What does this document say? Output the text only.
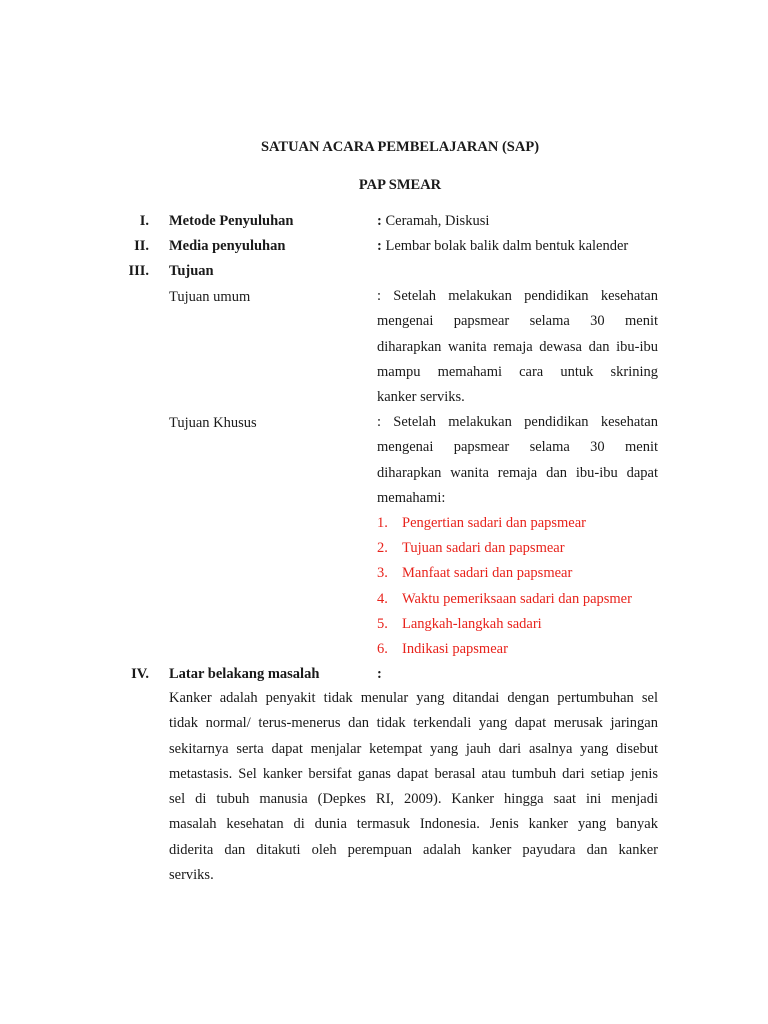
SATUAN ACARA PEMBELAJARAN (SAP)
PAP SMEAR
I. Metode Penyuluhan	: Ceramah, Diskusi
II. Media penyuluhan	: Lembar bolak balik dalm bentuk kalender
III. Tujuan
Tujuan umum	: Setelah melakukan pendidikan kesehatan
mengenai papsmear selama 30 menit
diharapkan wanita remaja dewasa dan ibu-ibu
mampu memahami cara untuk skrining
kanker serviks.
Tujuan Khusus	: Setelah melakukan pendidikan kesehatan
mengenai papsmear selama 30 menit
diharapkan wanita remaja dan ibu-ibu dapat
memahami:
1. Pengertian sadari dan papsmear
2. Tujuan sadari dan papsmear
3. Manfaat sadari dan papsmear
4. Waktu pemeriksaan sadari dan papsmer
5. Langkah-langkah sadari
6. Indikasi papsmear
IV. Latar belakang masalah	:
Kanker adalah penyakit tidak menular yang ditandai dengan pertumbuhan sel
tidak normal/ terus-menerus dan tidak terkendali yang dapat merusak jaringan
sekitarnya serta dapat menjalar ketempat yang jauh dari asalnya yang disebut
metastasis. Sel kanker bersifat ganas dapat berasal atau tumbuh dari setiap jenis
sel di tubuh manusia (Depkes RI, 2009). Kanker hingga saat ini menjadi
masalah kesehatan di dunia termasuk Indonesia. Jenis kanker yang banyak
diderita dan ditakuti oleh perempuan adalah kanker payudara dan kanker
serviks.
